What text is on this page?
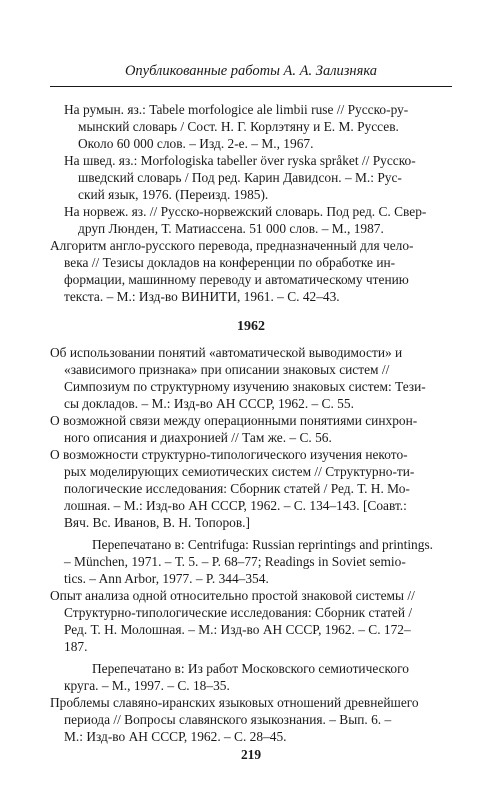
Опубликованные работы А. А. Зализняка
На румын. яз.: Tabele morfologice ale limbii ruse // Русско-ру-
мынский словарь / Сост. Н. Г. Корлэтяну и Е. М. Руссев.
Около 60 000 слов. – Изд. 2-е. – М., 1967.
На швед. яз.: Morfologiska tabeller över ryska språket // Русско-
шведский словарь / Под ред. Карин Давидсон. – М.: Рус-
ский язык, 1976. (Переизд. 1985).
На норвеж. яз. // Русско-норвежский словарь. Под ред. С. Свер-
друп Люнден, Т. Матиассена. 51 000 слов. – М., 1987.
Алгоритм англо-русского перевода, предназначенный для чело-
века // Тезисы докладов на конференции по обработке ин-
формации, машинному переводу и автоматическому чтению
текста. – М.: Изд-во ВИНИТИ, 1961. – С. 42–43.
1962
Об использовании понятий «автоматической выводимости» и
«зависимого признака» при описании знаковых систем //
Симпозиум по структурному изучению знаковых систем: Тези-
сы докладов. – М.: Изд-во АН СССР, 1962. – С. 55.
О возможной связи между операционными понятиями синхрон-
ного описания и диахронией // Там же. – С. 56.
О возможности структурно-типологического изучения некото-
рых моделирующих семиотических систем // Структурно-ти-
пологические исследования: Сборник статей / Ред. Т. Н. Мо-
лошная. – М.: Изд-во АН СССР, 1962. – С. 134–143. [Соавт.:
Вяч. Вс. Иванов, В. Н. Топоров.]
Перепечатано в: Centrifuga: Russian reprintings and printings.
– München, 1971. – Т. 5. – Р. 68–77; Readings in Soviet semio-
tics. – Ann Arbor, 1977. – P. 344–354.
Опыт анализа одной относительно простой знаковой системы //
Структурно-типологические исследования: Сборник статей /
Ред. Т. Н. Молошная. – М.: Изд-во АН СССР, 1962. – С. 172–
187.
Перепечатано в: Из работ Московского семиотического
круга. – М., 1997. – С. 18–35.
Проблемы славяно-иранских языковых отношений древнейшего
периода // Вопросы славянского языкознания. – Вып. 6. –
М.: Изд-во АН СССР, 1962. – С. 28–45.
219
